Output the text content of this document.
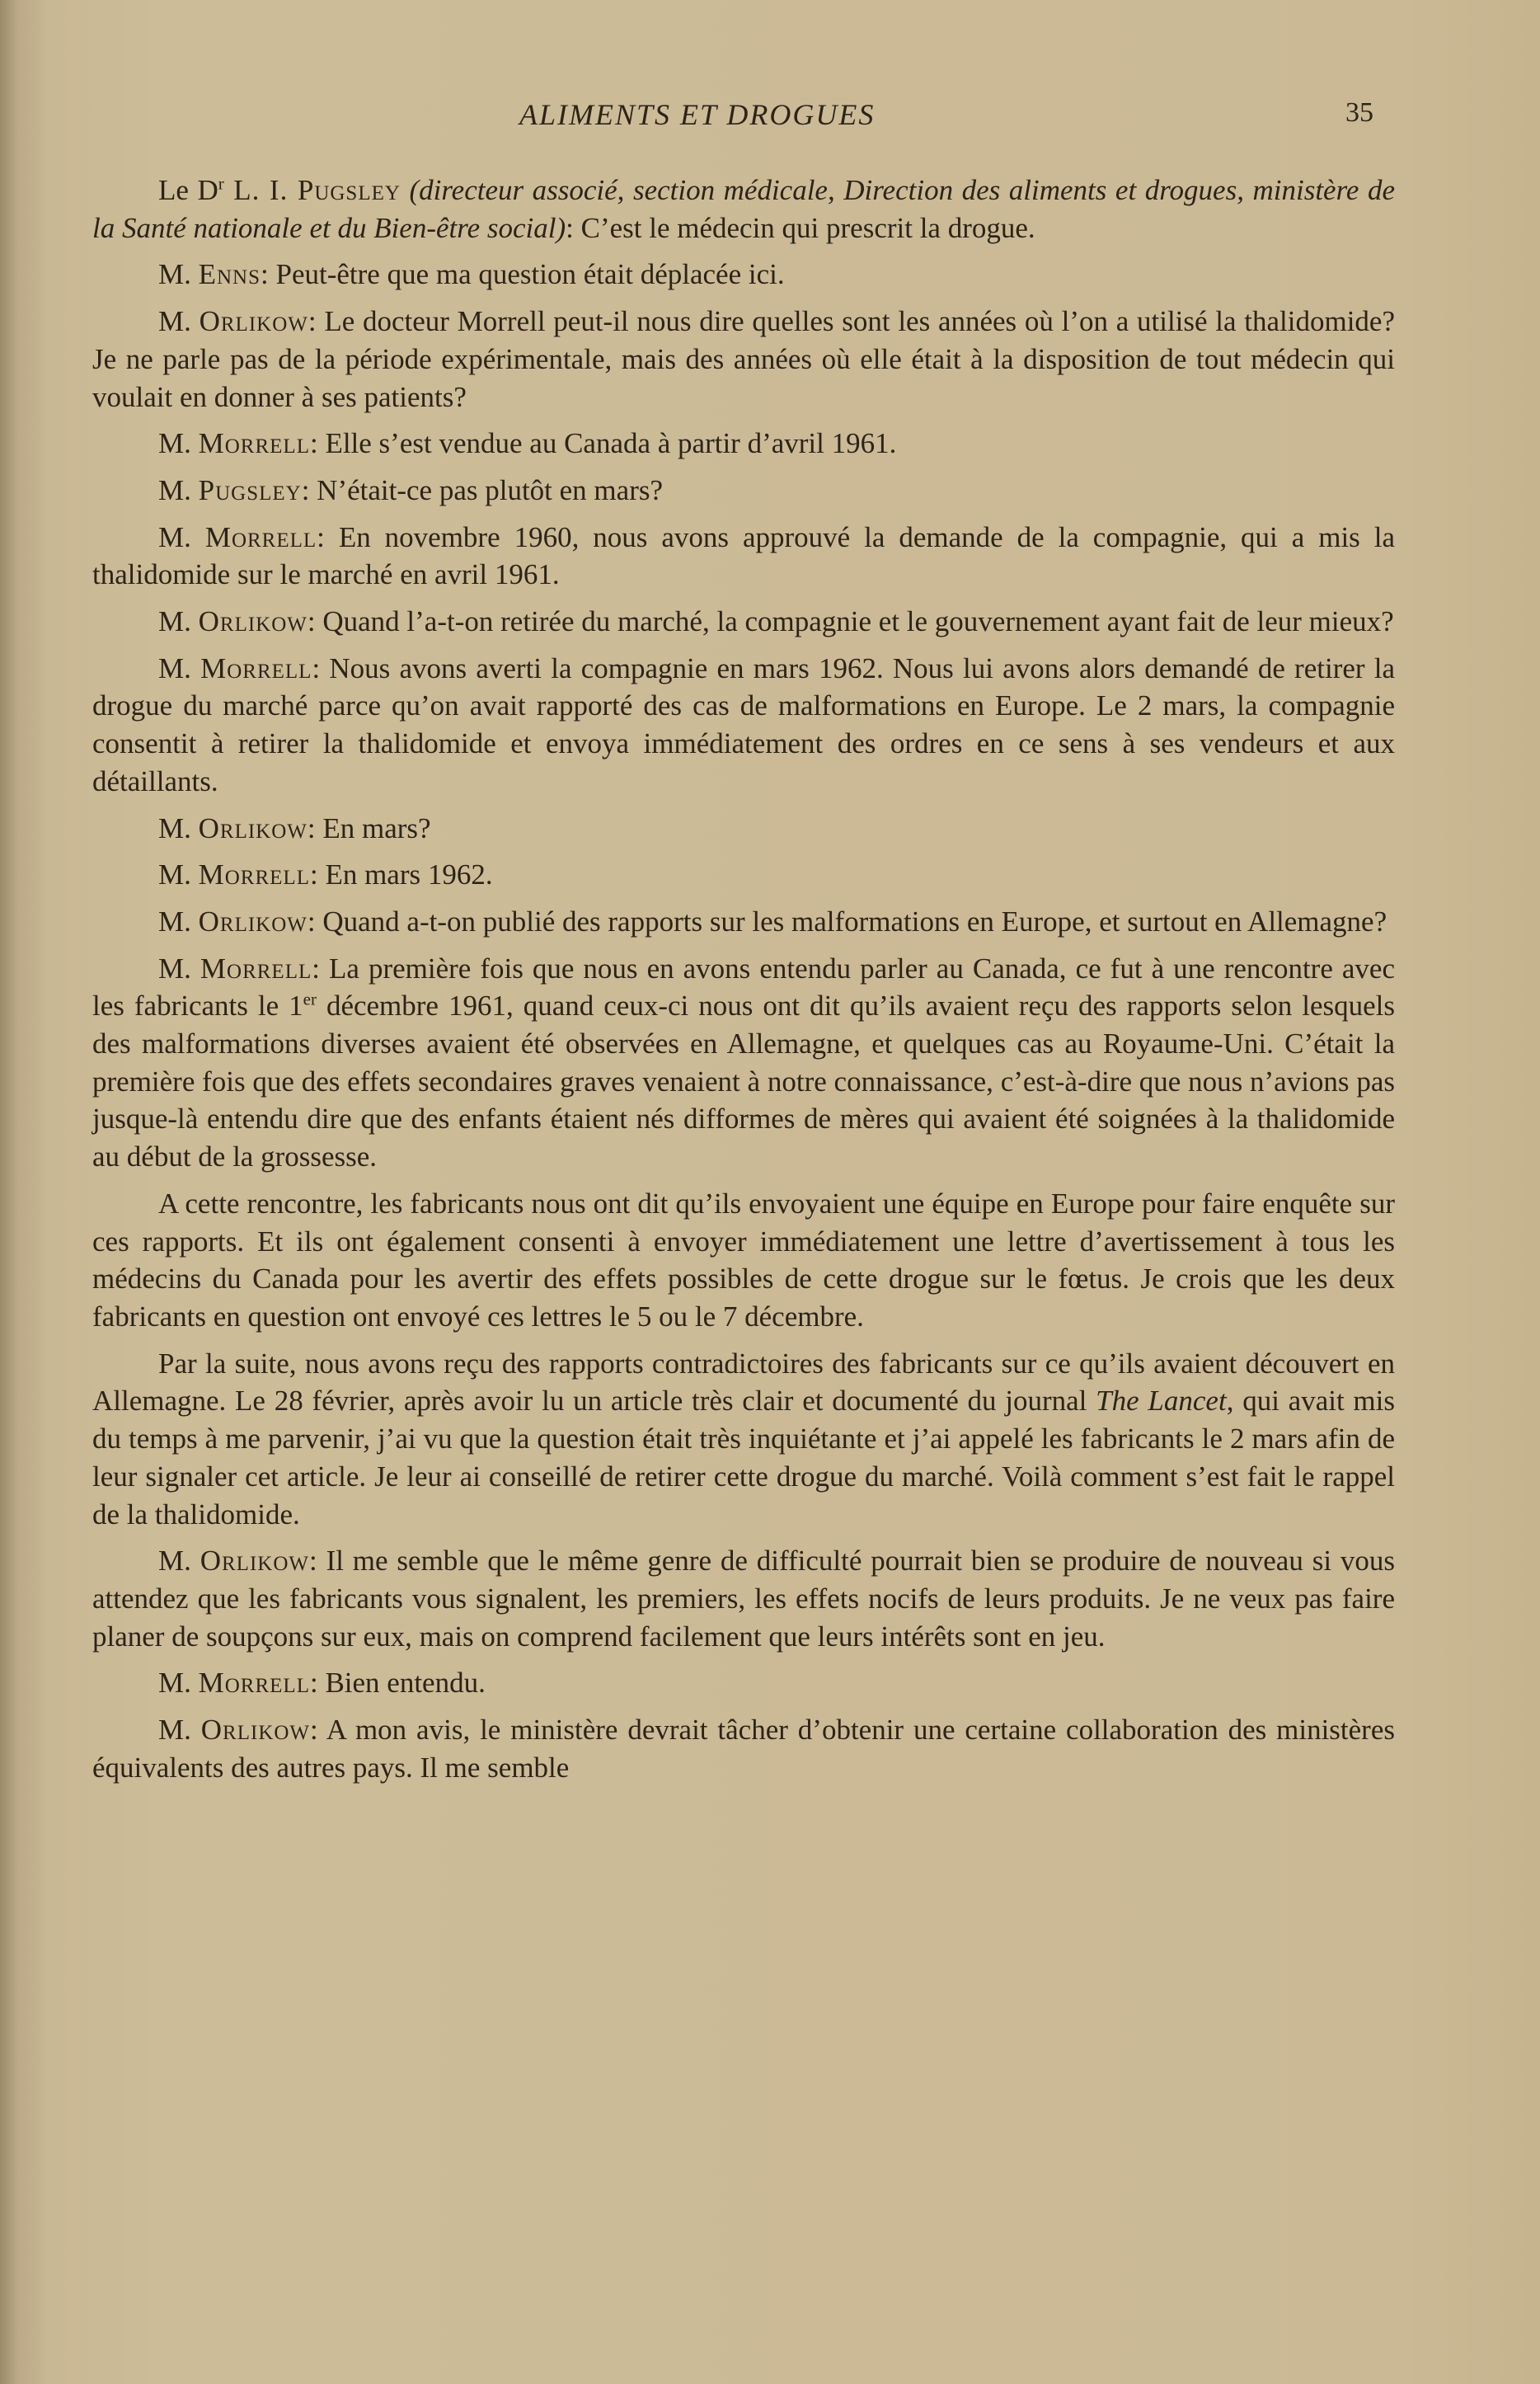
ALIMENTS ET DROGUES	35

Le $D^r$ L. I. Pugsley (directeur associé, section médicale, Direction des aliments et drogues, ministère de la Santé nationale et du Bien-être social): C’est le médecin qui prescrit la drogue.

M. Enns: Peut-être que ma question était déplacée ici.

M. Orlikow: Le docteur Morrell peut-il nous dire quelles sont les années où l’on a utilisé la thalidomide? Je ne parle pas de la période expérimentale, mais des années où elle était à la disposition de tout médecin qui voulait en donner à ses patients?

M. Morrell: Elle s’est vendue au Canada à partir d’avril 1961.

M. Pugsley: N’était-ce pas plutôt en mars?

M. Morrell: En novembre 1960, nous avons approuvé la demande de la compagnie, qui a mis la thalidomide sur le marché en avril 1961.

M. Orlikow: Quand l’a-t-on retirée du marché, la compagnie et le gouvernement ayant fait de leur mieux?

M. Morrell: Nous avons averti la compagnie en mars 1962. Nous lui avons alors demandé de retirer la drogue du marché parce qu’on avait rapporté des cas de malformations en Europe. Le 2 mars, la compagnie consentit à retirer la thalidomide et envoya immédiatement des ordres en ce sens à ses vendeurs et aux détaillants.

M. Orlikow: En mars?

M. Morrell: En mars 1962.

M. Orlikow: Quand a-t-on publié des rapports sur les malformations en Europe, et surtout en Allemagne?

M. Morrell: La première fois que nous en avons entendu parler au Canada, ce fut à une rencontre avec les fabricants le 1er décembre 1961, quand ceux-ci nous ont dit qu’ils avaient reçu des rapports selon lesquels des malformations diverses avaient été observées en Allemagne, et quelques cas au Royaume-Uni. C’était la première fois que des effets secondaires graves venaient à notre connaissance, c’est-à-dire que nous n’avions pas jusque-là entendu dire que des enfants étaient nés difformes de mères qui avaient été soignées à la thalidomide au début de la grossesse.

A cette rencontre, les fabricants nous ont dit qu’ils envoyaient une équipe en Europe pour faire enquête sur ces rapports. Et ils ont également consenti à envoyer immédiatement une lettre d’avertissement à tous les médecins du Canada pour les avertir des effets possibles de cette drogue sur le fœtus. Je crois que les deux fabricants en question ont envoyé ces lettres le 5 ou le 7 décembre.

Par la suite, nous avons reçu des rapports contradictoires des fabricants sur ce qu’ils avaient découvert en Allemagne. Le 28 février, après avoir lu un article très clair et documenté du journal The Lancet, qui avait mis du temps à me parvenir, j’ai vu que la question était très inquiétante et j’ai appelé les fabricants le 2 mars afin de leur signaler cet article. Je leur ai conseillé de retirer cette drogue du marché. Voilà comment s’est fait le rappel de la thalidomide.

M. Orlikow: Il me semble que le même genre de difficulté pourrait bien se produire de nouveau si vous attendez que les fabricants vous signalent, les premiers, les effets nocifs de leurs produits. Je ne veux pas faire planer de soupçons sur eux, mais on comprend facilement que leurs intérêts sont en jeu.

M. Morrell: Bien entendu.

M. Orlikow: A mon avis, le ministère devrait tâcher d’obtenir une certaine collaboration des ministères équivalents des autres pays. Il me semble
